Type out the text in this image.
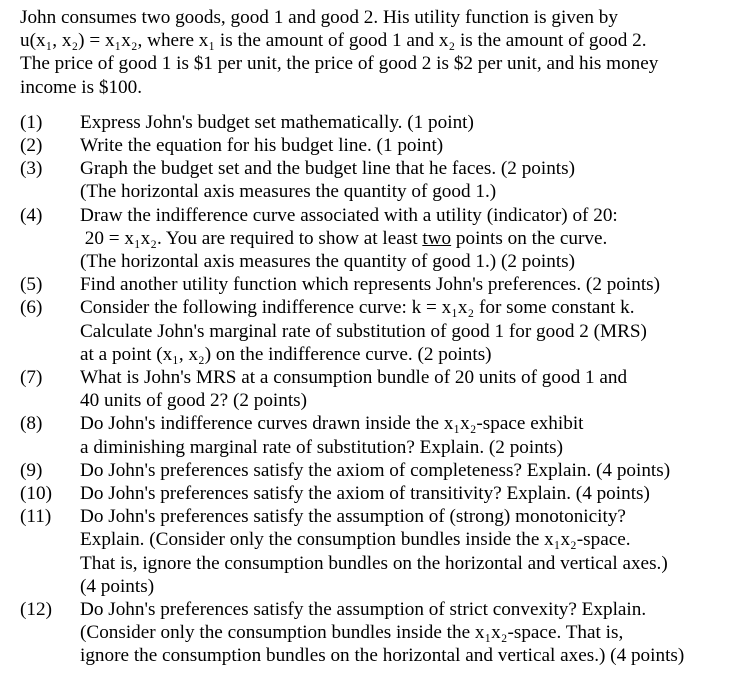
John consumes two goods, good 1 and good 2. His utility function is given by
u(x₁, x₂) = x₁x₂, where x₁ is the amount of good 1 and x₂ is the amount of good 2.
The price of good 1 is $1 per unit, the price of good 2 is $2 per unit, and his money
income is $100.
(1)	Express John's budget set mathematically. (1 point)
(2)	Write the equation for his budget line. (1 point)
(3)	Graph the budget set and the budget line that he faces. (2 points)
(The horizontal axis measures the quantity of good 1.)
(4)	Draw the indifference curve associated with a utility (indicator) of 20:
20 = x₁x₂. You are required to show at least two points on the curve.
(The horizontal axis measures the quantity of good 1.) (2 points)
(5)	Find another utility function which represents John's preferences. (2 points)
(6)	Consider the following indifference curve: k = x₁x₂ for some constant k.
Calculate John's marginal rate of substitution of good 1 for good 2 (MRS)
at a point (x₁, x₂) on the indifference curve. (2 points)
(7)	What is John's MRS at a consumption bundle of 20 units of good 1 and
40 units of good 2? (2 points)
(8)	Do John's indifference curves drawn inside the x₁x₂-space exhibit
a diminishing marginal rate of substitution? Explain. (2 points)
(9)	Do John's preferences satisfy the axiom of completeness? Explain. (4 points)
(10)	Do John's preferences satisfy the axiom of transitivity? Explain. (4 points)
(11)	Do John's preferences satisfy the assumption of (strong) monotonicity?
Explain. (Consider only the consumption bundles inside the x₁x₂-space.
That is, ignore the consumption bundles on the horizontal and vertical axes.)
(4 points)
(12)	Do John's preferences satisfy the assumption of strict convexity? Explain.
(Consider only the consumption bundles inside the x₁x₂-space. That is,
ignore the consumption bundles on the horizontal and vertical axes.) (4 points)
